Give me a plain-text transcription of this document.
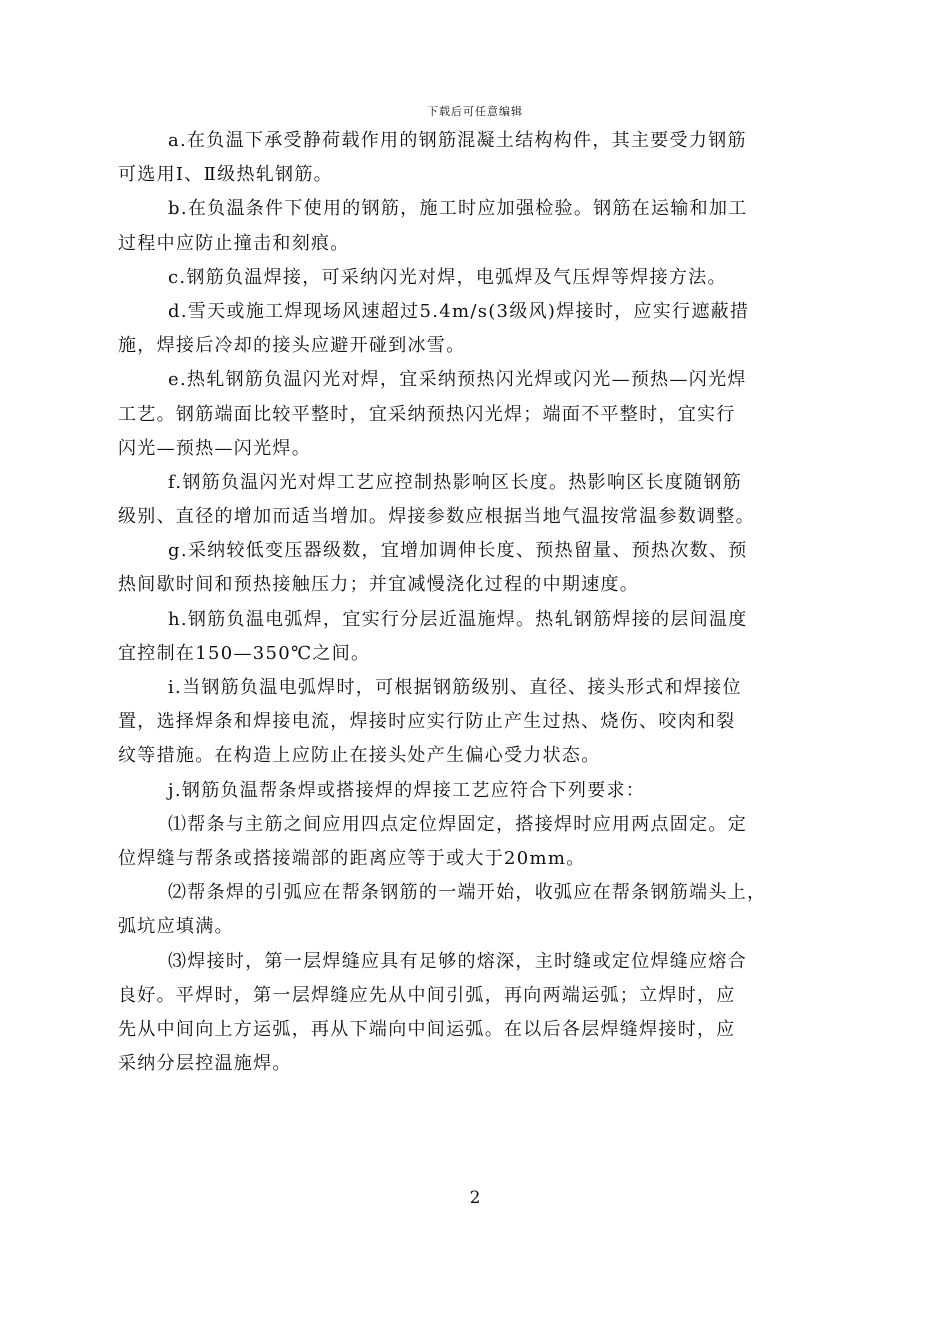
下载后可任意编辑
a.在负温下承受静荷载作用的钢筋混凝土结构构件，其主要受力钢筋
可选用Ⅰ、Ⅱ级热轧钢筋。
b.在负温条件下使用的钢筋，施工时应加强检验。钢筋在运输和加工
过程中应防止撞击和刻痕。
c.钢筋负温焊接，可采纳闪光对焊，电弧焊及气压焊等焊接方法。
d.雪天或施工焊现场风速超过5.4m/s(3级风)焊接时，应实行遮蔽措
施，焊接后冷却的接头应避开碰到冰雪。
e.热轧钢筋负温闪光对焊，宜采纳预热闪光焊或闪光—预热—闪光焊
工艺。钢筋端面比较平整时，宜采纳预热闪光焊；端面不平整时，宜实行
闪光—预热—闪光焊。
f.钢筋负温闪光对焊工艺应控制热影响区长度。热影响区长度随钢筋
级别、直径的增加而适当增加。焊接参数应根据当地气温按常温参数调整。
g.采纳较低变压器级数，宜增加调伸长度、预热留量、预热次数、预
热间歇时间和预热接触压力；并宜减慢浇化过程的中期速度。
h.钢筋负温电弧焊，宜实行分层近温施焊。热轧钢筋焊接的层间温度
宜控制在150—350℃之间。
i.当钢筋负温电弧焊时，可根据钢筋级别、直径、接头形式和焊接位
置，选择焊条和焊接电流，焊接时应实行防止产生过热、烧伤、咬肉和裂
纹等措施。在构造上应防止在接头处产生偏心受力状态。
j.钢筋负温帮条焊或搭接焊的焊接工艺应符合下列要求：
⑴帮条与主筋之间应用四点定位焊固定，搭接焊时应用两点固定。定
位焊缝与帮条或搭接端部的距离应等于或大于20mm。
⑵帮条焊的引弧应在帮条钢筋的一端开始，收弧应在帮条钢筋端头上，
弧坑应填满。
⑶焊接时，第一层焊缝应具有足够的熔深，主时缝或定位焊缝应熔合
良好。平焊时，第一层焊缝应先从中间引弧，再向两端运弧；立焊时，应
先从中间向上方运弧，再从下端向中间运弧。在以后各层焊缝焊接时，应
采纳分层控温施焊。
2
